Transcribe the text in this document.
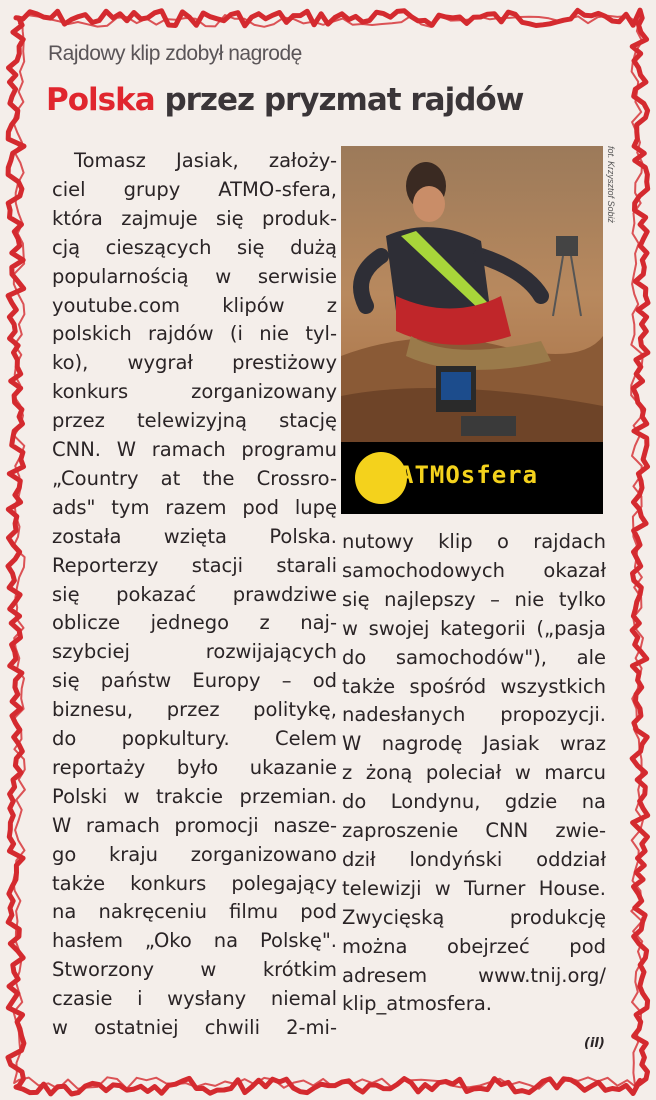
Rajdowy klip zdobył nagrodę
Polska przez pryzmat rajdów
ATMOsfera
fot. Krzysztof Sobiż
Tomasz Jasiak, założy-
ciel grupy ATMO-sfera,
która zajmuje się produk-
cją cieszących się dużą
popularnością w serwisie
youtube.com klipów z
polskich rajdów (i nie tyl-
ko), wygrał prestiżowy
konkurs zorganizowany
przez telewizyjną stację
CNN. W ramach programu
„Country at the Crossro-
ads" tym razem pod lupę
została wzięta Polska.
Reporterzy stacji starali
się pokazać prawdziwe
oblicze jednego z naj-
szybciej rozwijających
się państw Europy – od
biznesu, przez politykę,
do popkultury. Celem
reportaży było ukazanie
Polski w trakcie przemian.
W ramach promocji nasze-
go kraju zorganizowano
także konkurs polegający
na nakręceniu filmu pod
hasłem „Oko na Polskę".
Stworzony w krótkim
czasie i wysłany niemal
w ostatniej chwili 2-mi-
nutowy klip o rajdach
samochodowych okazał
się najlepszy – nie tylko
w swojej kategorii („pasja
do samochodów"), ale
także spośród wszystkich
nadesłanych propozycji.
W nagrodę Jasiak wraz
z żoną poleciał w marcu
do Londynu, gdzie na
zaproszenie CNN zwie-
dził londyński oddział
telewizji w Turner House.
Zwycięską produkcję
można obejrzeć pod
adresem www.tnij.org/
klip_atmosfera.
(il)
